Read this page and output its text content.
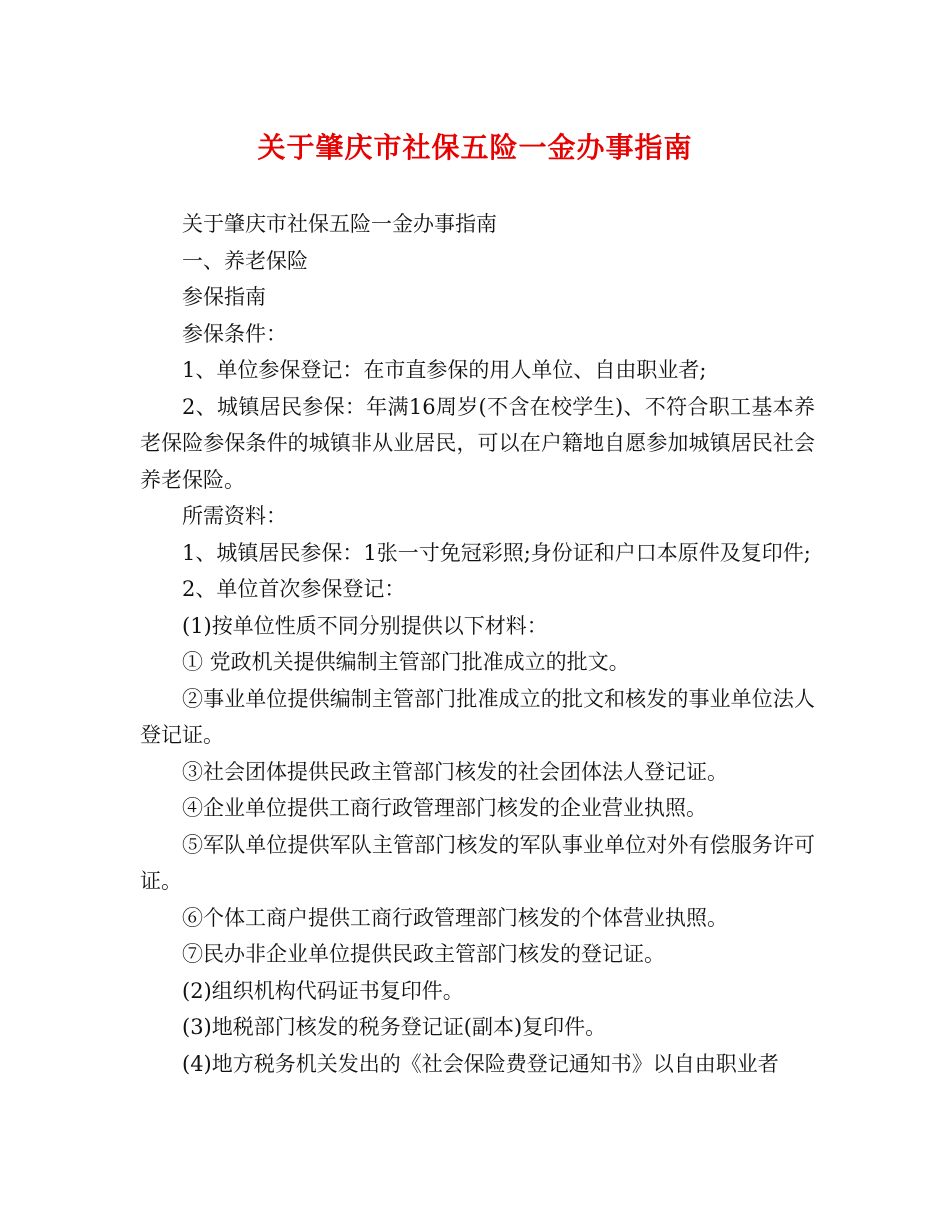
关于肇庆市社保五险一金办事指南

关于肇庆市社保五险一金办事指南

一、养老保险

参保指南

参保条件：

1、单位参保登记：在市直参保的用人单位、自由职业者;

2、城镇居民参保：年满16周岁(不含在校学生)、不符合职工基本养老保险参保条件的城镇非从业居民，可以在户籍地自愿参加城镇居民社会养老保险。

所需资料：

1、城镇居民参保：1张一寸免冠彩照;身份证和户口本原件及复印件;

2、单位首次参保登记：

(1)按单位性质不同分别提供以下材料：

① 党政机关提供编制主管部门批准成立的批文。

②事业单位提供编制主管部门批准成立的批文和核发的事业单位法人登记证。

③社会团体提供民政主管部门核发的社会团体法人登记证。

④企业单位提供工商行政管理部门核发的企业营业执照。

⑤军队单位提供军队主管部门核发的军队事业单位对外有偿服务许可证。

⑥个体工商户提供工商行政管理部门核发的个体营业执照。

⑦民办非企业单位提供民政主管部门核发的登记证。

(2)组织机构代码证书复印件。

(3)地税部门核发的税务登记证(副本)复印件。

(4)地方税务机关发出的《社会保险费登记通知书》以自由职业者
